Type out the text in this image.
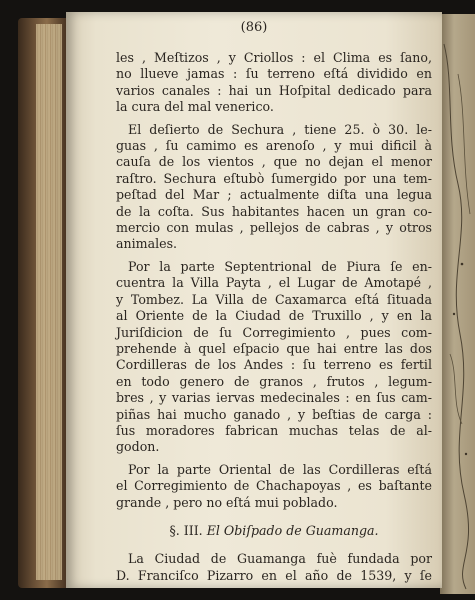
(86)
les , Meſtizos , y Criollos : el Clima es ſano,
no llueve jamas : ſu terreno eſtá dividido en
varios canales : hai un Hoſpital dedicado para
la cura del mal venerico.
El deſierto de Sechura , tiene 25. ò 30. le-
guas , ſu camimo es arenoſo , y mui dificil à
cauſa de los vientos , que no dejan el menor
raſtro. Sechura eſtubò ſumergido por una tem-
peſtad del Mar ; actualmente diſta una legua
de la coſta. Sus habitantes hacen un gran co-
mercio con mulas , pellejos de cabras , y otros
animales.
Por la parte Septentrional de Piura ſe en-
cuentra la Villa Payta , el Lugar de Amotapé ,
y Tombez. La Villa de Caxamarca eſtá ſituada
al Oriente de la Ciudad de Truxillo , y en la
Juriſdicion de ſu Corregimiento , pues com-
prehende à quel eſpacio que hai entre las dos
Cordilleras de los Andes : ſu terreno es fertil
en todo genero de granos , frutos , legum-
bres , y varias iervas medecinales : en ſus cam-
piñas hai mucho ganado , y beſtias de carga :
ſus moradores fabrican muchas telas de al-
godon.
Por la parte Oriental de las Cordilleras eſtá
el Corregimiento de Chachapoyas , es baſtante
grande , pero no eſtá mui poblado.
§. III. El Obiſpado de Guamanga.
La Ciudad de Guamanga fuè fundada por
D. Franciſco Pizarro en el año de 1539, y ſe
